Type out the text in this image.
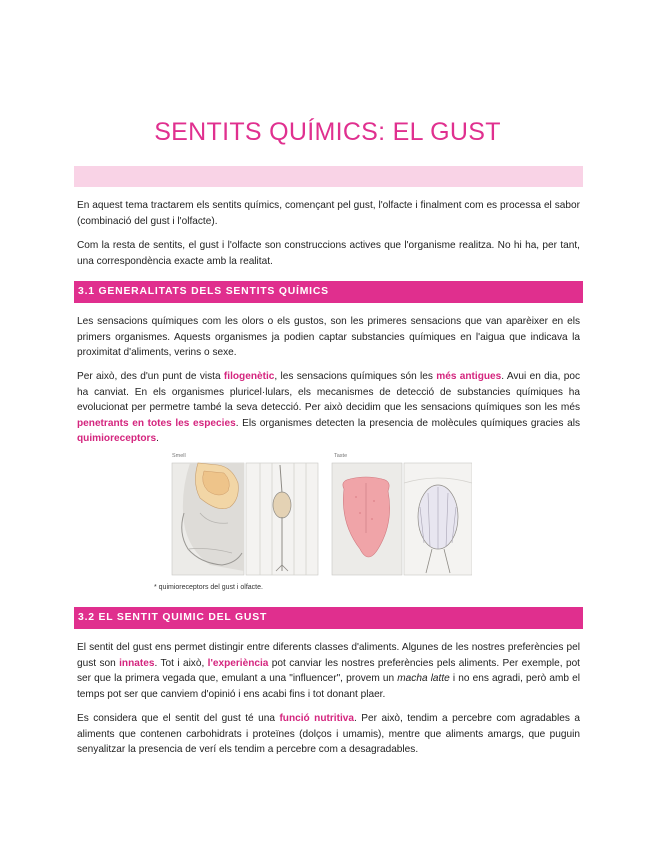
SENTITS QUÍMICS: EL GUST

En aquest tema tractarem els sentits químics, començant pel gust, l'olfacte i finalment com es processa el sabor (combinació del gust i l'olfacte).

Com la resta de sentits, el gust i l'olfacte son construccions actives que l'organisme realitza. No hi ha, per tant, una correspondència exacte amb la realitat.

3.1 GENERALITATS DELS SENTITS QUÍMICS

Les sensacions químiques com les olors o els gustos, son les primeres sensacions que van aparèixer en els primers organismes. Aquests organismes ja podien captar substancies químiques en l'aigua que indicava la proximitat d'aliments, verins o sexe.

Per això, des d'un punt de vista filogenètic, les sensacions químiques són les més antigues. Avui en dia, poc ha canviat. En els organismes pluricel·lulars, els mecanismes de detecció de substancies químiques ha evolucionat per permetre també la seva detecció. Per això decidim que les sensacions químiques son les més penetrants en totes les especies. Els organismes detecten la presencia de molècules químiques gracies als quimioreceptors.

Smell	Taste
* quimioreceptors del gust i olfacte.
3.2 EL SENTIT QUIMIC DEL GUST

El sentit del gust ens permet distingir entre diferents classes d'aliments. Algunes de les nostres preferències pel gust son innates. Tot i això, l'experiència pot canviar les nostres preferències pels aliments. Per exemple, pot ser que la primera vegada que, emulant a una "influencer", provem un macha latte i no ens agradi, però amb el temps pot ser que canviem d'opinió i ens acabi fins i tot donant plaer.

Es considera que el sentit del gust té una funció nutritiva. Per això, tendim a percebre com agradables a aliments que contenen carbohidrats i proteïnes (dolços i umamis), mentre que aliments amargs, que puguin senyalitzar la presencia de verí els tendim a percebre com a desagradables.
